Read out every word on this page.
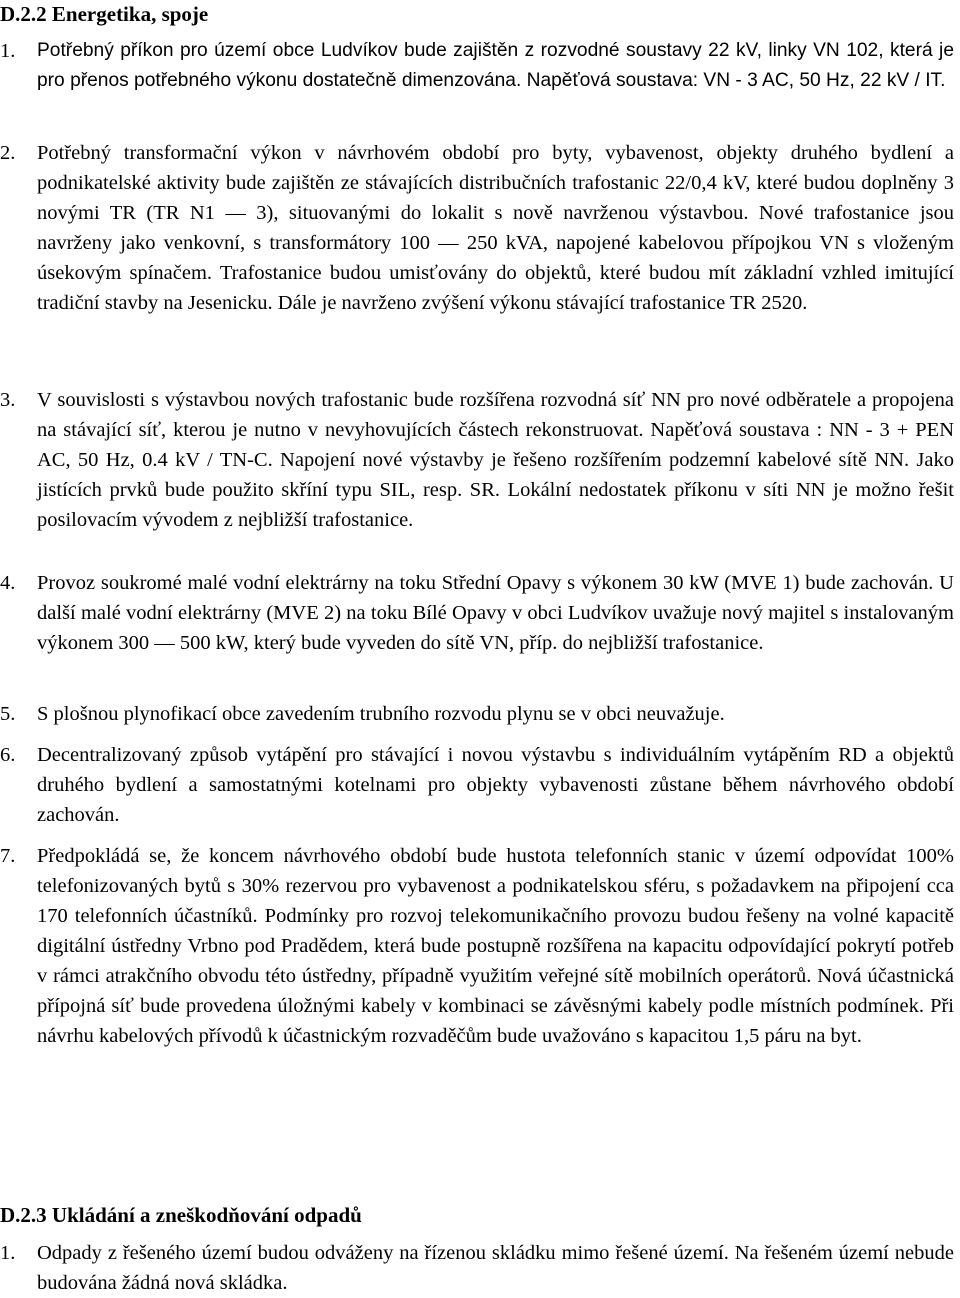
D.2.2 Energetika, spoje
1. Potřebný příkon pro území obce Ludvíkov bude zajištěn z rozvodné soustavy 22 kV, linky VN 102, která je pro přenos potřebného výkonu dostatečně dimenzována. Napěťová soustava: VN - 3 AC, 50 Hz, 22 kV / IT.
2. Potřebný transformační výkon v návrhovém období pro byty, vybavenost, objekty druhého bydlení a podnikatelské aktivity bude zajištěn ze stávajících distribučních trafostanic 22/0,4 kV, které budou doplněny 3 novými TR (TR N1 — 3), situovanými do lokalit s nově navrženou výstavbou. Nové trafostanice jsou navrženy jako venkovní, s transformátory 100 — 250 kVA, napojené kabelovou přípojkou VN s vloženým úsekovým spínačem. Trafostanice budou umisťovány do objektů, které budou mít základní vzhled imitující tradiční stavby na Jesenicku. Dále je navrženo zvýšení výkonu stávající trafostanice TR 2520.
3. V souvislosti s výstavbou nových trafostanic bude rozšířena rozvodná síť NN pro nové odběratele a propojena na stávající síť, kterou je nutno v nevyhovujících částech rekonstruovat. Napěťová soustava : NN - 3 + PEN AC, 50 Hz, 0.4 kV / TN-C. Napojení nové výstavby je řešeno rozšířením podzemní kabelové sítě NN. Jako jistících prvků bude použito skříní typu SIL, resp. SR. Lokální nedostatek příkonu v síti NN je možno řešit posilovacím vývodem z nejbližší trafostanice.
4. Provoz soukromé malé vodní elektrárny na toku Střední Opavy s výkonem 30 kW (MVE 1) bude zachován. U další malé vodní elektrárny (MVE 2) na toku Bílé Opavy v obci Ludvíkov uvažuje nový majitel s instalovaným výkonem 300 — 500 kW, který bude vyveden do sítě VN, příp. do nejbližší trafostanice.
5. S plošnou plynofikací obce zavedením trubního rozvodu plynu se v obci neuvažuje.
6. Decentralizovaný způsob vytápění pro stávající i novou výstavbu s individuálním vytápěním RD a objektů druhého bydlení a samostatnými kotelnami pro objekty vybavenosti zůstane během návrhového období zachován.
7. Předpokládá se, že koncem návrhového období bude hustota telefonních stanic v území odpovídat 100% telefonizovaných bytů s 30% rezervou pro vybavenost a podnikatelskou sféru, s požadavkem na připojení cca 170 telefonních účastníků. Podmínky pro rozvoj telekomunikačního provozu budou řešeny na volné kapacitě digitální ústředny Vrbno pod Pradědem, která bude postupně rozšířena na kapacitu odpovídající pokrytí potřeb v rámci atrakčního obvodu této ústředny, případně využitím veřejné sítě mobilních operátorů. Nová účastnická přípojná síť bude provedena úložnými kabely v kombinaci se závěsnými kabely podle místních podmínek. Při návrhu kabelových přívodů k účastnickým rozvaděčům bude uvažováno s kapacitou 1,5 páru na byt.
D.2.3 Ukládání a zneškodňování odpadů
1. Odpady z řešeného území budou odváženy na řízenou skládku mimo řešené území. Na řešeném území nebude budována žádná nová skládka.
